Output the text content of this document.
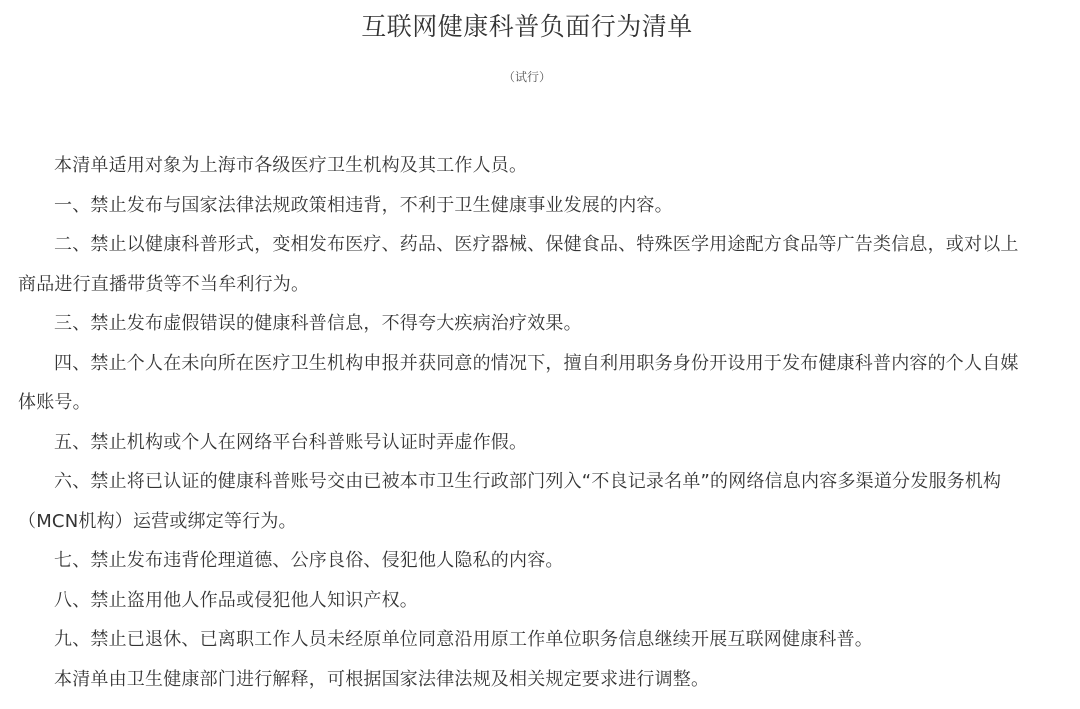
互联网健康科普负面行为清单

（试行）

本清单适用对象为上海市各级医疗卫生机构及其工作人员。

一、禁止发布与国家法律法规政策相违背，不利于卫生健康事业发展的内容。

二、禁止以健康科普形式，变相发布医疗、药品、医疗器械、保健食品、特殊医学用途配方食品等广告类信息，或对以上商品进行直播带货等不当牟利行为。

三、禁止发布虚假错误的健康科普信息，不得夸大疾病治疗效果。

四、禁止个人在未向所在医疗卫生机构申报并获同意的情况下，擅自利用职务身份开设用于发布健康科普内容的个人自媒体账号。

五、禁止机构或个人在网络平台科普账号认证时弄虚作假。

六、禁止将已认证的健康科普账号交由已被本市卫生行政部门列入“不良记录名单”的网络信息内容多渠道分发服务机构（MCN机构）运营或绑定等行为。

七、禁止发布违背伦理道德、公序良俗、侵犯他人隐私的内容。

八、禁止盗用他人作品或侵犯他人知识产权。

九、禁止已退休、已离职工作人员未经原单位同意沿用原工作单位职务信息继续开展互联网健康科普。

本清单由卫生健康部门进行解释，可根据国家法律法规及相关规定要求进行调整。
